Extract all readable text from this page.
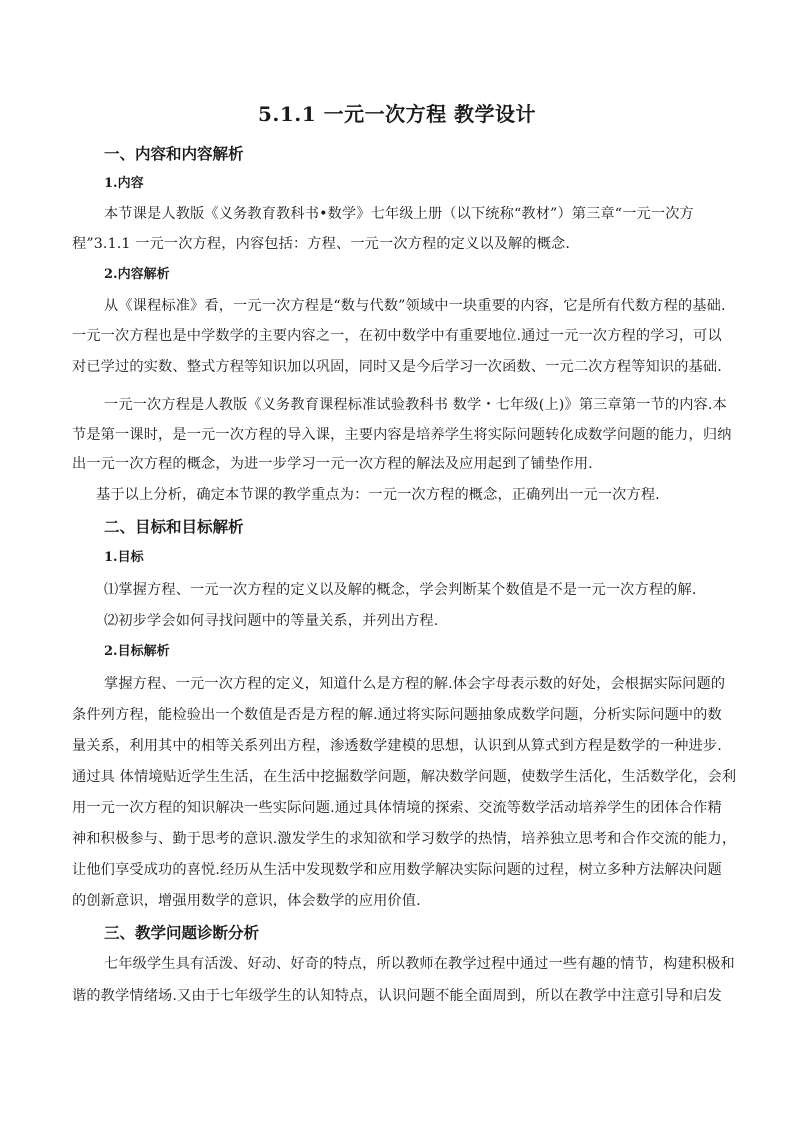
5.1.1 一元一次方程 教学设计
一、内容和内容解析
1.内容
本节课是人教版《义务教育教科书•数学》七年级上册（以下统称“教材”）第三章“一元一次方
程”3.1.1 一元一次方程，内容包括：方程、一元一次方程的定义以及解的概念.
2.内容解析
从《课程标准》看，一元一次方程是“数与代数”领域中一块重要的内容，它是所有代数方程的基础.
一元一次方程也是中学数学的主要内容之一，在初中数学中有重要地位.通过一元一次方程的学习，可以
对已学过的实数、整式方程等知识加以巩固，同时又是今后学习一次函数、一元二次方程等知识的基础.
一元一次方程是人教版《义务教育课程标准试验教科书 数学・七年级(上)》第三章第一节的内容.本
节是第一课时，是一元一次方程的导入课，主要内容是培养学生将实际问题转化成数学问题的能力，归纳
出一元一次方程的概念，为进一步学习一元一次方程的解法及应用起到了铺垫作用.
基于以上分析，确定本节课的教学重点为：一元一次方程的概念，正确列出一元一次方程.
二、目标和目标解析
1.目标
⑴掌握方程、一元一次方程的定义以及解的概念，学会判断某个数值是不是一元一次方程的解.
⑵初步学会如何寻找问题中的等量关系，并列出方程.
2.目标解析
掌握方程、一元一次方程的定义，知道什么是方程的解.体会字母表示数的好处，会根据实际问题的
条件列方程，能检验出一个数值是否是方程的解.通过将实际问题抽象成数学问题，分析实际问题中的数
量关系，利用其中的相等关系列出方程，渗透数学建模的思想，认识到从算式到方程是数学的一种进步.
通过具 体情境贴近学生生活，在生活中挖掘数学问题，解决数学问题，使数学生活化，生活数学化，会利
用一元一次方程的知识解决一些实际问题.通过具体情境的探索、交流等数学活动培养学生的团体合作精
神和积极参与、勤于思考的意识.激发学生的求知欲和学习数学的热情，培养独立思考和合作交流的能力，
让他们享受成功的喜悦.经历从生活中发现数学和应用数学解决实际问题的过程，树立多种方法解决问题
的创新意识，增强用数学的意识，体会数学的应用价值.
三、教学问题诊断分析
七年级学生具有活泼、好动、好奇的特点，所以教师在教学过程中通过一些有趣的情节，构建积极和
谐的教学情绪场.又由于七年级学生的认知特点，认识问题不能全面周到，所以在教学中注意引导和启发
